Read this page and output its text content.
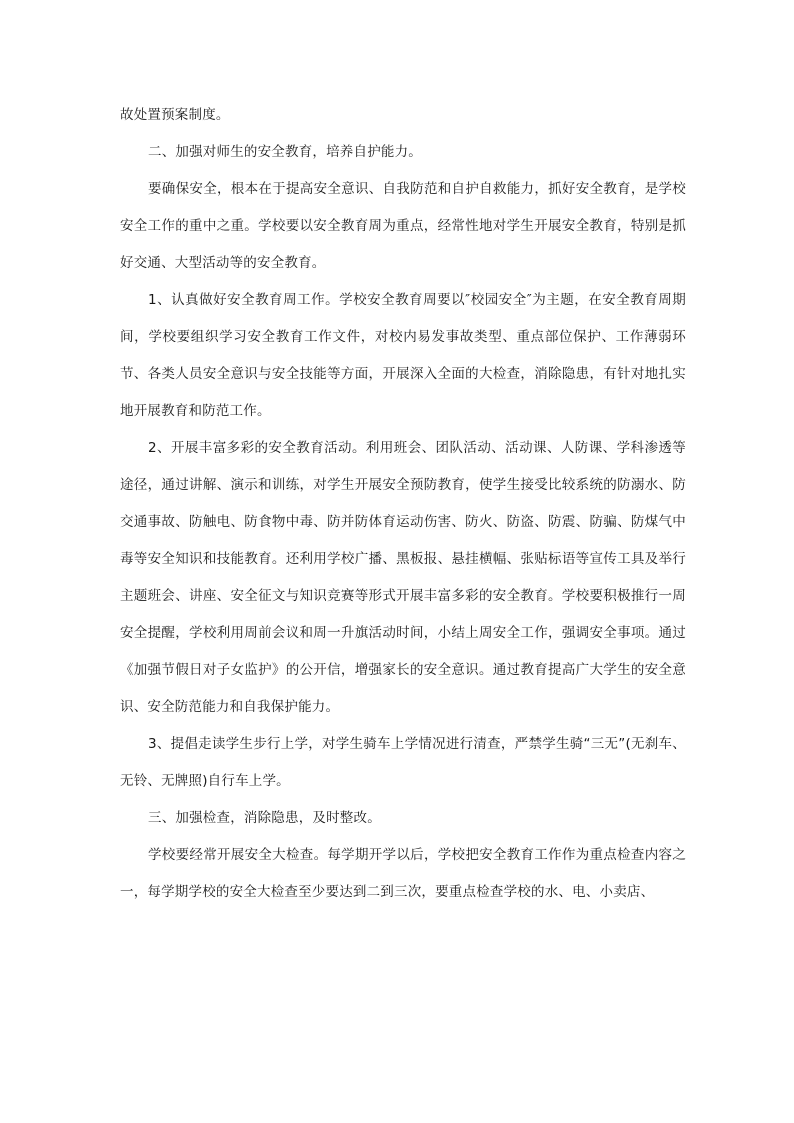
故处置预案制度。

二、加强对师生的安全教育，培养自护能力。

要确保安全，根本在于提高安全意识、自我防范和自护自救能力，抓好安全教育，是学校安全工作的重中之重。学校要以安全教育周为重点，经常性地对学生开展安全教育，特别是抓好交通、大型活动等的安全教育。

1、认真做好安全教育周工作。学校安全教育周要以″校园安全″为主题，在安全教育周期间，学校要组织学习安全教育工作文件，对校内易发事故类型、重点部位保护、工作薄弱环节、各类人员安全意识与安全技能等方面，开展深入全面的大检查，消除隐患，有针对地扎实地开展教育和防范工作。

2、开展丰富多彩的安全教育活动。利用班会、团队活动、活动课、人防课、学科渗透等途径，通过讲解、演示和训练，对学生开展安全预防教育，使学生接受比较系统的防溺水、防交通事故、防触电、防食物中毒、防并防体育运动伤害、防火、防盗、防震、防骗、防煤气中毒等安全知识和技能教育。还利用学校广播、黑板报、悬挂横幅、张贴标语等宣传工具及举行主题班会、讲座、安全征文与知识竞赛等形式开展丰富多彩的安全教育。学校要积极推行一周安全提醒，学校利用周前会议和周一升旗活动时间，小结上周安全工作，强调安全事项。通过《加强节假日对子女监护》的公开信，增强家长的安全意识。通过教育提高广大学生的安全意识、安全防范能力和自我保护能力。

3、提倡走读学生步行上学，对学生骑车上学情况进行清查，严禁学生骑“三无”(无刹车、无铃、无牌照)自行车上学。

三、加强检查，消除隐患，及时整改。

学校要经常开展安全大检查。每学期开学以后，学校把安全教育工作作为重点检查内容之一，每学期学校的安全大检查至少要达到二到三次，要重点检查学校的水、电、小卖店、
